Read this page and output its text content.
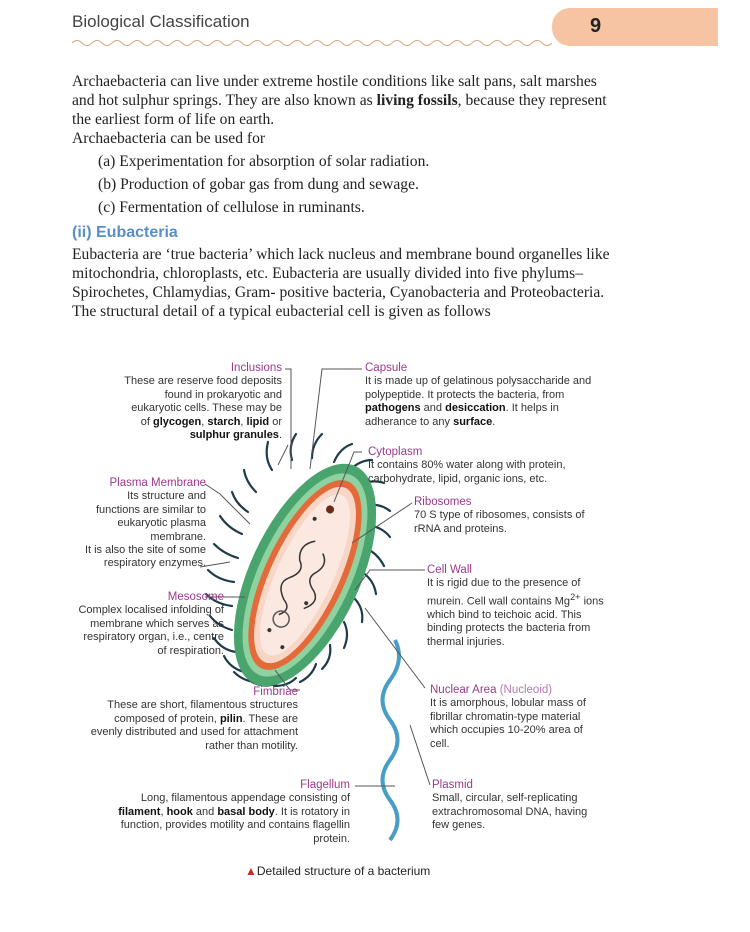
Biological Classification	9

Archaebacteria can live under extreme hostile conditions like salt pans, salt marshes and hot sulphur springs. They are also known as living fossils, because they represent the earliest form of life on earth.

Archaebacteria can be used for

(a) Experimentation for absorption of solar radiation.
(b) Production of gobar gas from dung and sewage.
(c) Fermentation of cellulose in ruminants.
(ii) Eubacteria

Eubacteria are ‘true bacteria’ which lack nucleus and membrane bound organelles like mitochondria, chloroplasts, etc. Eubacteria are usually divided into five phylums– Spirochetes, Chlamydias, Gram- positive bacteria, Cyanobacteria and Proteobacteria.

The structural detail of a typical eubacterial cell is given as follows

Inclusions
These are reserve food deposits found in prokaryotic and eukaryotic cells. These may be of glycogen, starch, lipid or sulphur granules.
Capsule
It is made up of gelatinous polysaccharide and polypeptide. It protects the bacteria, from pathogens and desiccation. It helps in adherance to any surface.
Cytoplasm
It contains 80% water along with protein, carbohydrate, lipid, organic ions, etc.
Plasma Membrane
Its structure and functions are similar to eukaryotic plasma membrane.
It is also the site of some respiratory enzymes.
Ribosomes
70 S type of ribosomes, consists of rRNA and proteins.
Cell Wall
It is rigid due to the presence of murein. Cell wall contains $Mg^{2+}$ ions which bind to teichoic acid. This binding protects the bacteria from thermal injuries.
Mesosome
Complex localised infolding of membrane which serves as respiratory organ, i.e., centre of respiration.
Fimbriae
These are short, filamentous structures composed of protein, pilin. These are evenly distributed and used for attachment rather than motility.
Nuclear Area (Nucleoid)
It is amorphous, lobular mass of fibrillar chromatin-type material which occupies 10-20% area of cell.
Flagellum
Long, filamentous appendage consisting of filament, hook and basal body. It is rotatory in function, provides motility and contains flagellin protein.
Plasmid
Small, circular, self-replicating extrachromosomal DNA, having few genes.
▲Detailed structure of a bacterium
